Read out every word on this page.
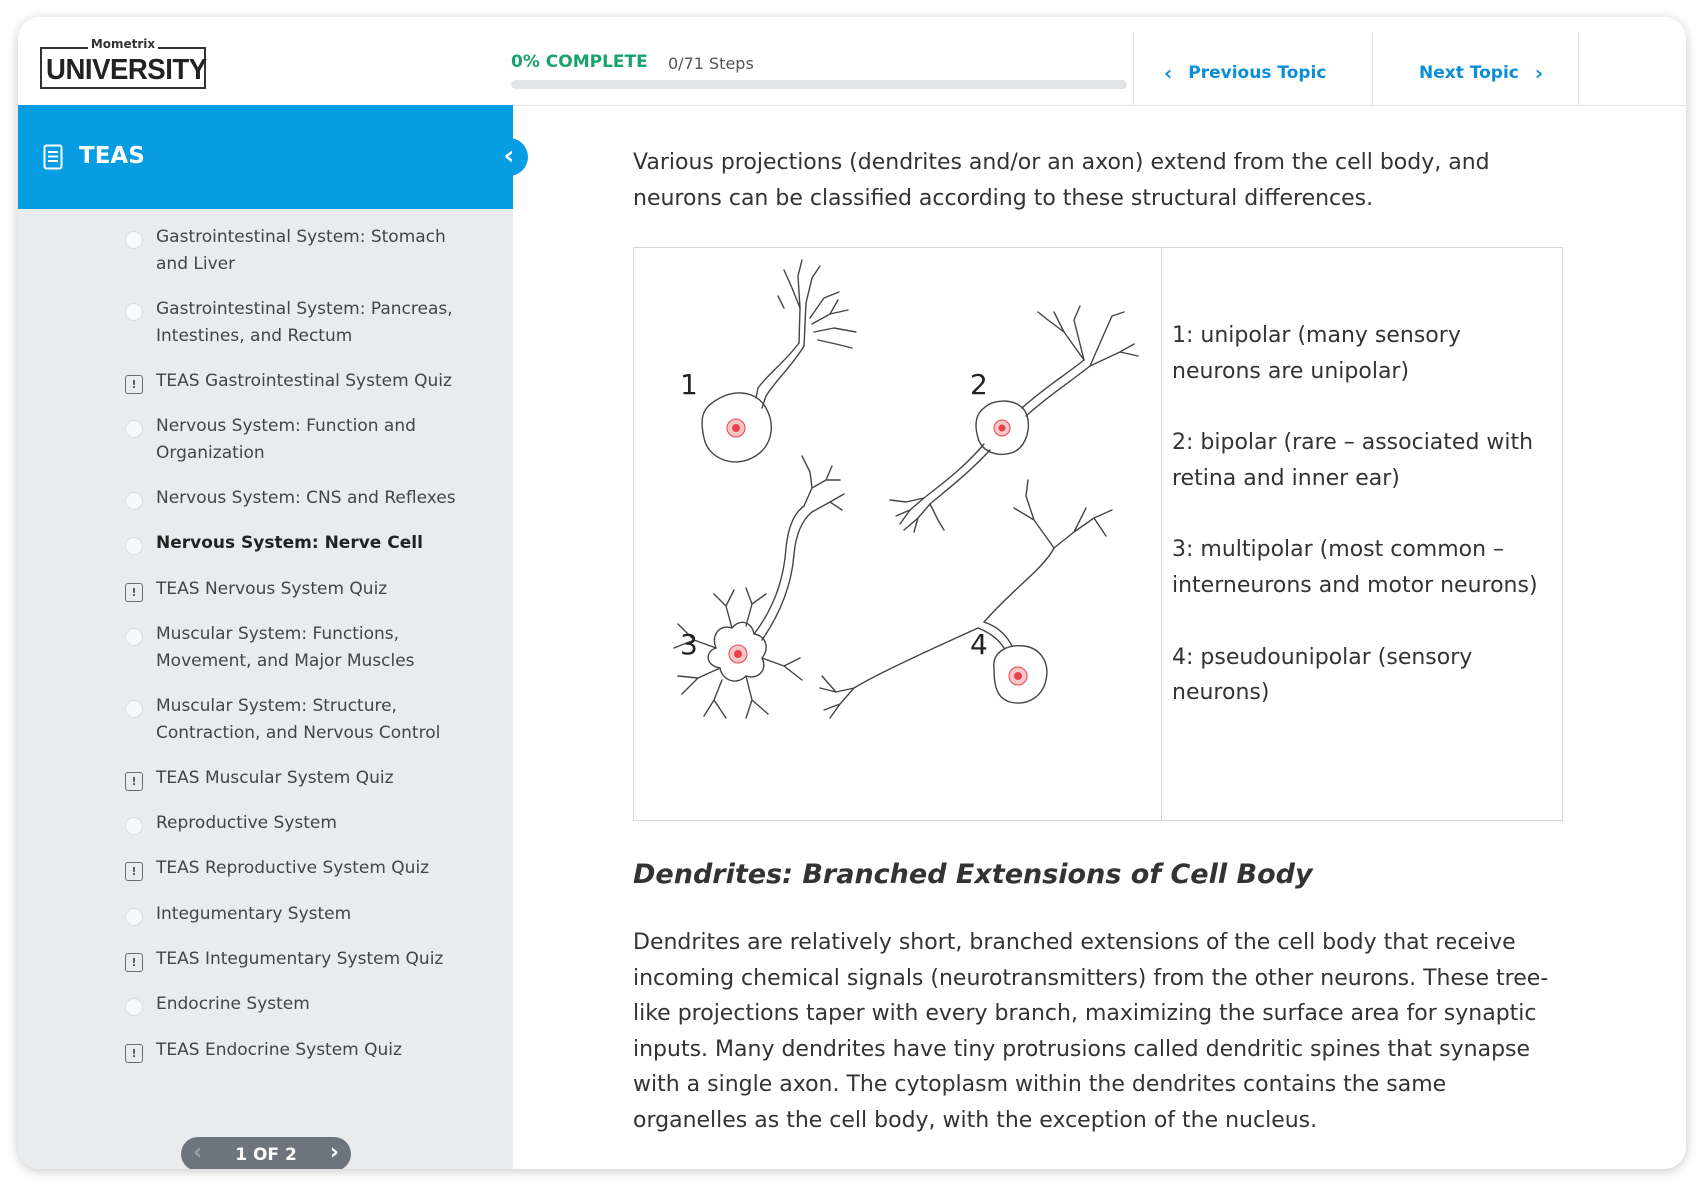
Mometrix
UNIVERSITY	0% COMPLETE 0/71 Steps	‹ Previous Topic	Next Topic ›
TEAS	‹
Gastrointestinal System: Stomach and Liver
Gastrointestinal System: Pancreas, Intestines, and Rectum
!
TEAS Gastrointestinal System Quiz
Nervous System: Function and Organization
Nervous System: CNS and Reflexes
Nervous System: Nerve Cell
!
TEAS Nervous System Quiz
Muscular System: Functions, Movement, and Major Muscles
Muscular System: Structure, Contraction, and Nervous Control
!
TEAS Muscular System Quiz
Reproductive System
!
TEAS Reproductive System Quiz
Integumentary System
!
TEAS Integumentary System Quiz
Endocrine System
!
TEAS Endocrine System Quiz
‹	1 OF 2	›

Various projections (dendrites and/or an axon) extend from the cell body, and neurons can be classified according to these structural differences.

1	2
3	4

1: unipolar (many sensory neurons are unipolar)

2: bipolar (rare – associated with retina and inner ear)

3: multipolar (most common – interneurons and motor neurons)

4: pseudounipolar (sensory neurons)

Dendrites: Branched Extensions of Cell Body

Dendrites are relatively short, branched extensions of the cell body that receive incoming chemical signals (neurotransmitters) from the other neurons. These tree-like projections taper with every branch, maximizing the surface area for synaptic inputs. Many dendrites have tiny protrusions called dendritic spines that synapse with a single axon. The cytoplasm within the dendrites contains the same organelles as the cell body, with the exception of the nucleus.
